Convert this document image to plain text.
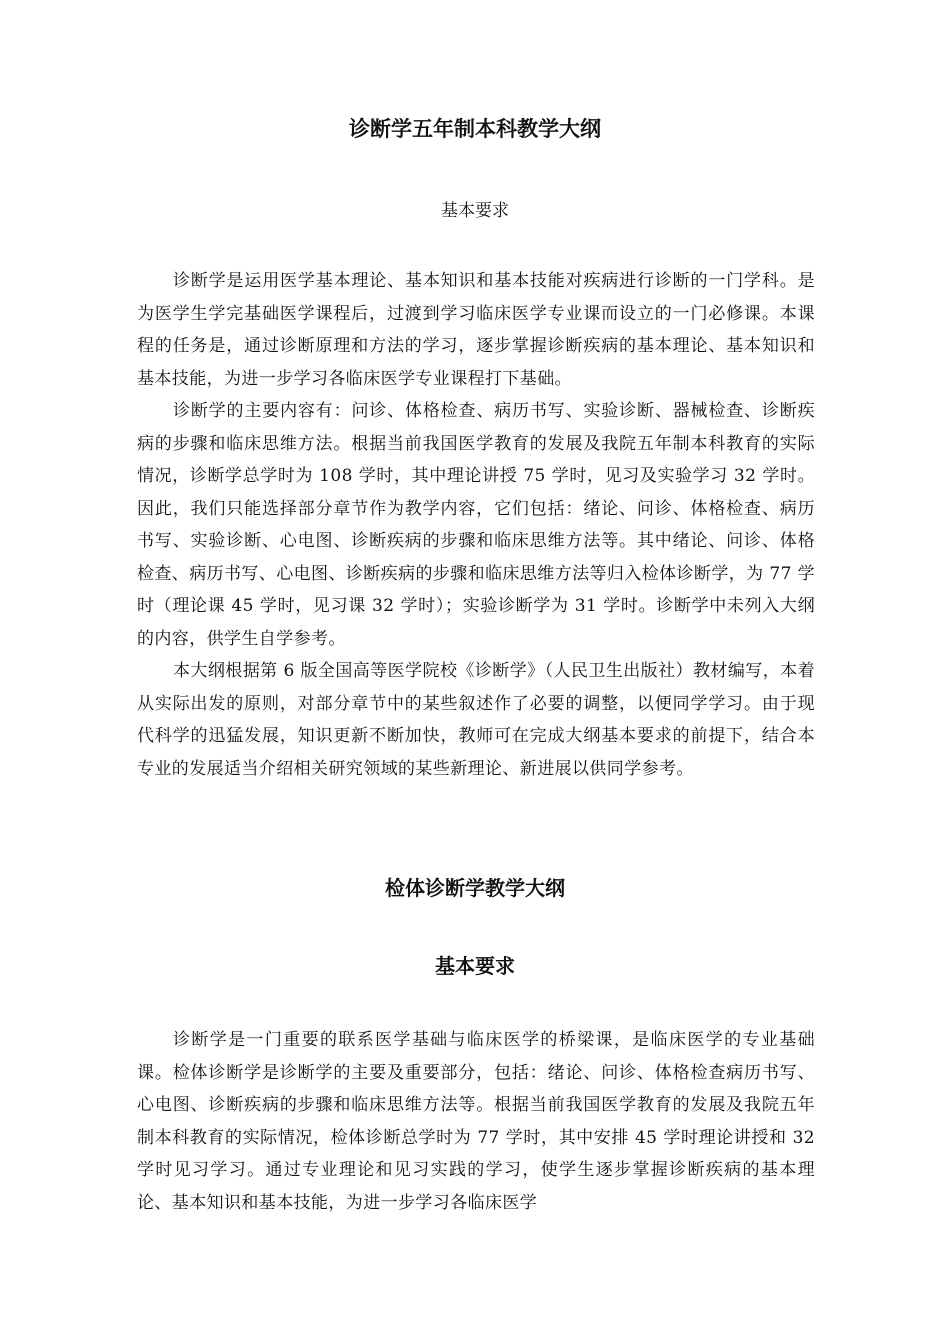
诊断学五年制本科教学大纲
基本要求

诊断学是运用医学基本理论、基本知识和基本技能对疾病进行诊断的一门学科。是为医学生学完基础医学课程后，过渡到学习临床医学专业课而设立的一门必修课。本课程的任务是，通过诊断原理和方法的学习，逐步掌握诊断疾病的基本理论、基本知识和基本技能，为进一步学习各临床医学专业课程打下基础。

诊断学的主要内容有：问诊、体格检查、病历书写、实验诊断、器械检查、诊断疾病的步骤和临床思维方法。根据当前我国医学教育的发展及我院五年制本科教育的实际情况，诊断学总学时为 108 学时，其中理论讲授 75 学时，见习及实验学习 32 学时。因此，我们只能选择部分章节作为教学内容，它们包括：绪论、问诊、体格检查、病历书写、实验诊断、心电图、诊断疾病的步骤和临床思维方法等。其中绪论、问诊、体格检查、病历书写、心电图、诊断疾病的步骤和临床思维方法等归入检体诊断学，为 77 学时（理论课 45 学时，见习课 32 学时）；实验诊断学为 31 学时。诊断学中未列入大纲的内容，供学生自学参考。

本大纲根据第 6 版全国高等医学院校《诊断学》（人民卫生出版社）教材编写，本着从实际出发的原则，对部分章节中的某些叙述作了必要的调整，以便同学学习。由于现代科学的迅猛发展，知识更新不断加快，教师可在完成大纲基本要求的前提下，结合本专业的发展适当介绍相关研究领域的某些新理论、新进展以供同学参考。

检体诊断学教学大纲
基本要求

诊断学是一门重要的联系医学基础与临床医学的桥梁课，是临床医学的专业基础课。检体诊断学是诊断学的主要及重要部分，包括：绪论、问诊、体格检查病历书写、心电图、诊断疾病的步骤和临床思维方法等。根据当前我国医学教育的发展及我院五年制本科教育的实际情况，检体诊断总学时为 77 学时，其中安排 45 学时理论讲授和 32 学时见习学习。通过专业理论和见习实践的学习，使学生逐步掌握诊断疾病的基本理论、基本知识和基本技能，为进一步学习各临床医学
